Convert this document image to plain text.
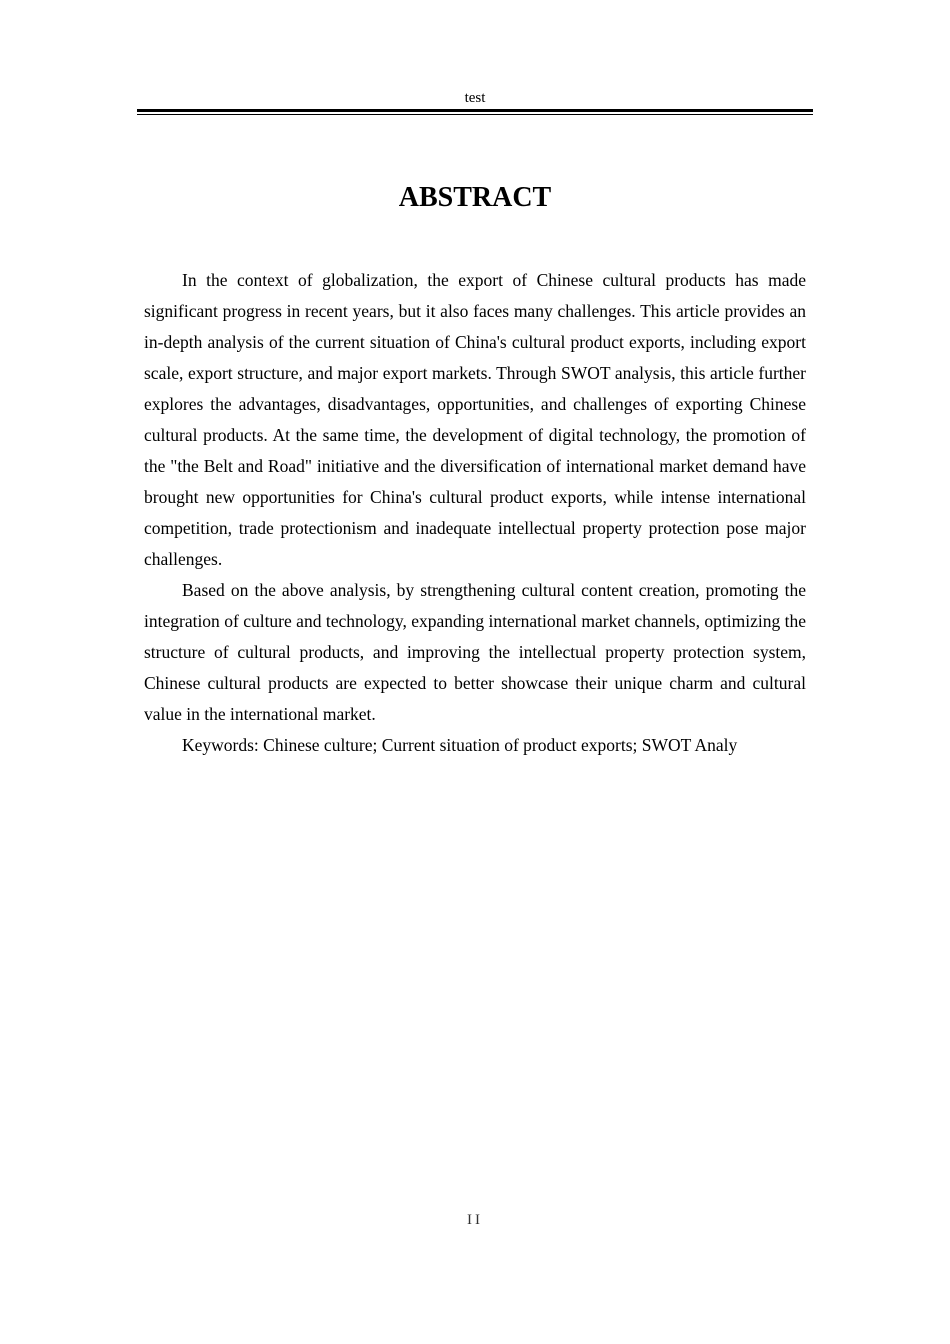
test
ABSTRACT

In the context of globalization, the export of Chinese cultural products has made significant progress in recent years, but it also faces many challenges. This article provides an in-depth analysis of the current situation of China's cultural product exports, including export scale, export structure, and major export markets. Through SWOT analysis, this article further explores the advantages, disadvantages, opportunities, and challenges of exporting Chinese cultural products. At the same time, the development of digital technology, the promotion of the "the Belt and Road" initiative and the diversification of international market demand have brought new opportunities for China's cultural product exports, while intense international competition, trade protectionism and inadequate intellectual property protection pose major challenges.

Based on the above analysis, by strengthening cultural content creation, promoting the integration of culture and technology, expanding international market channels, optimizing the structure of cultural products, and improving the intellectual property protection system, Chinese cultural products are expected to better showcase their unique charm and cultural value in the international market.

Keywords: Chinese culture; Current situation of product exports; SWOT Analy

II
